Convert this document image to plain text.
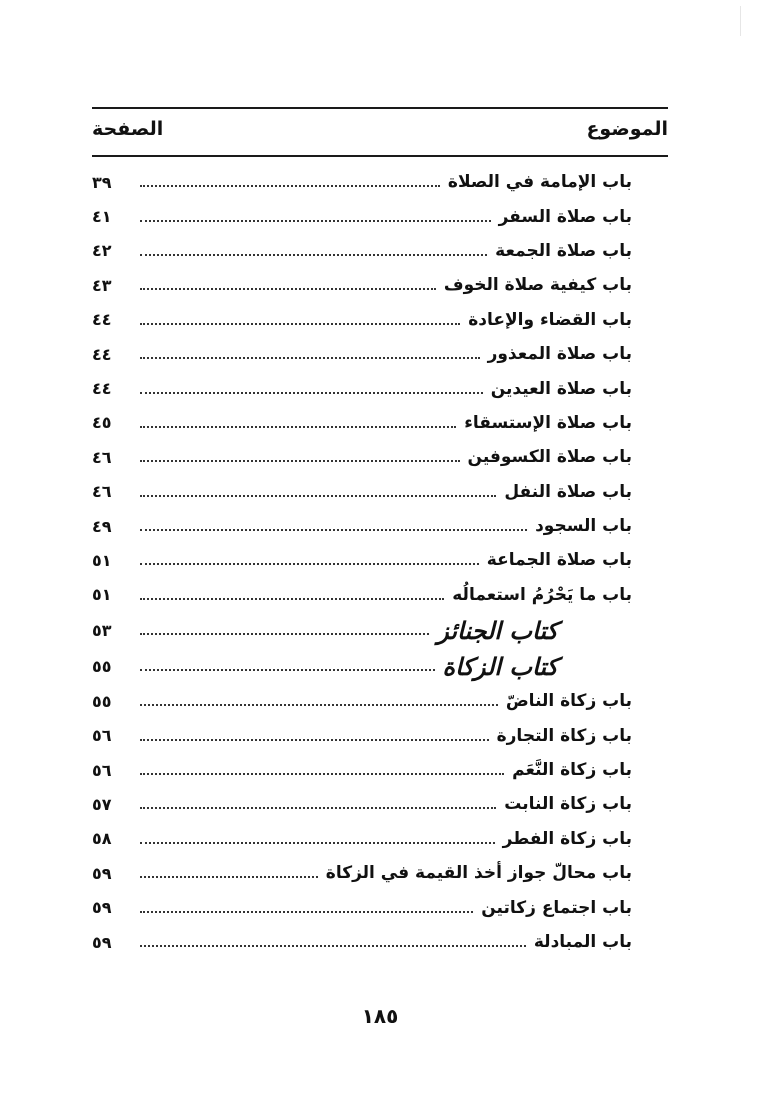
الموضوع
الصفحة
باب الإمامة في الصلاة
٣٩
باب صلاة السفر
٤١
باب صلاة الجمعة
٤٢
باب كيفية صلاة الخوف
٤٣
باب القضاء والإعادة
٤٤
باب صلاة المعذور
٤٤
باب صلاة العيدين
٤٤
باب صلاة الإستسقاء
٤٥
باب صلاة الكسوفين
٤٦
باب صلاة النفل
٤٦
باب السجود
٤٩
باب صلاة الجماعة
٥١
باب ما يَحْرُمُ استعمالُه
٥١
كتاب الجنائز
٥٣
كتاب الزكاة
٥٥
باب زكاة الناضّ
٥٥
باب زكاة التجارة
٥٦
باب زكاة النَّعَم
٥٦
باب زكاة النابت
٥٧
باب زكاة الفطر
٥٨
باب محالّ جواز أخذ القيمة في الزكاة
٥٩
باب اجتماع زكاتين
٥٩
باب المبادلة
٥٩
١٨٥
